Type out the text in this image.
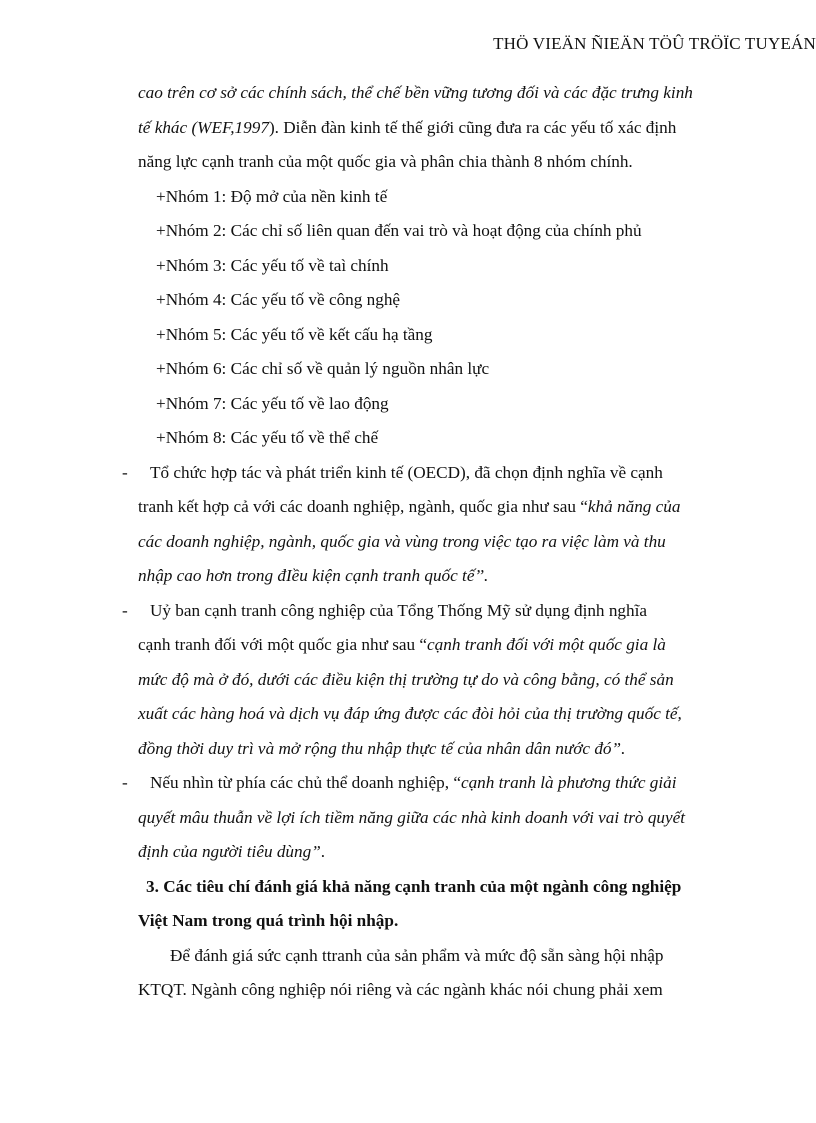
THÖ VIEÄN ÑIEÄN TÖÛ TRÖÏC TUYEÁN
cao trên cơ sở các chính sách, thể chế bền vững tương đối và các đặc trưng kinh
tế khác (WEF,1997). Diễn đàn kinh tế thế giới cũng đưa ra các yếu tố xác định
năng lực cạnh tranh của một quốc gia và phân chia thành 8 nhóm chính.
+Nhóm 1: Độ mở của nền kinh tế
+Nhóm 2: Các chỉ số liên quan đến vai trò và hoạt động của chính phủ
+Nhóm 3: Các yếu tố về taì chính
+Nhóm 4: Các yếu tố về công nghệ
+Nhóm 5: Các yếu tố về kết cấu hạ tầng
+Nhóm 6: Các chỉ số về quản lý nguồn nhân lực
+Nhóm 7: Các yếu tố về lao động
+Nhóm 8: Các yếu tố về thể chế
- Tổ chức hợp tác và phát triển kinh tế (OECD), đã chọn định nghĩa về cạnh
tranh kết hợp cả với các doanh nghiệp, ngành, quốc gia như sau “khả năng của
các doanh nghiệp, ngành, quốc gia và vùng trong việc tạo ra việc làm và thu
nhập cao hơn trong đIều kiện cạnh tranh quốc tế’’.
- Uỷ ban cạnh tranh công nghiệp của Tổng Thống Mỹ sử dụng định nghĩa
cạnh tranh đối với một quốc gia như sau “cạnh tranh đối với một quốc gia là
mức độ mà ở đó, dưới các điều kiện thị trường tự do và công bằng, có thể sản
xuất các hàng hoá và dịch vụ đáp ứng được các đòi hỏi của thị trường quốc tế,
đồng thời duy trì và mở rộng thu nhập thực tế của nhân dân nước đó”.
- Nếu nhìn từ phía các chủ thể doanh nghiệp, “cạnh tranh là phương thức giải
quyết mâu thuẫn về lợi ích tiềm năng giữa các nhà kinh doanh với vai trò quyết
định của người tiêu dùng”.
3. Các tiêu chí đánh giá khả năng cạnh tranh của một ngành công nghiệp
Việt Nam trong quá trình hội nhập.
Để đánh giá sức cạnh ttranh của sản phẩm và mức độ sẵn sàng hội nhập
KTQT. Ngành công nghiệp nói riêng và các ngành khác nói chung phải xem
